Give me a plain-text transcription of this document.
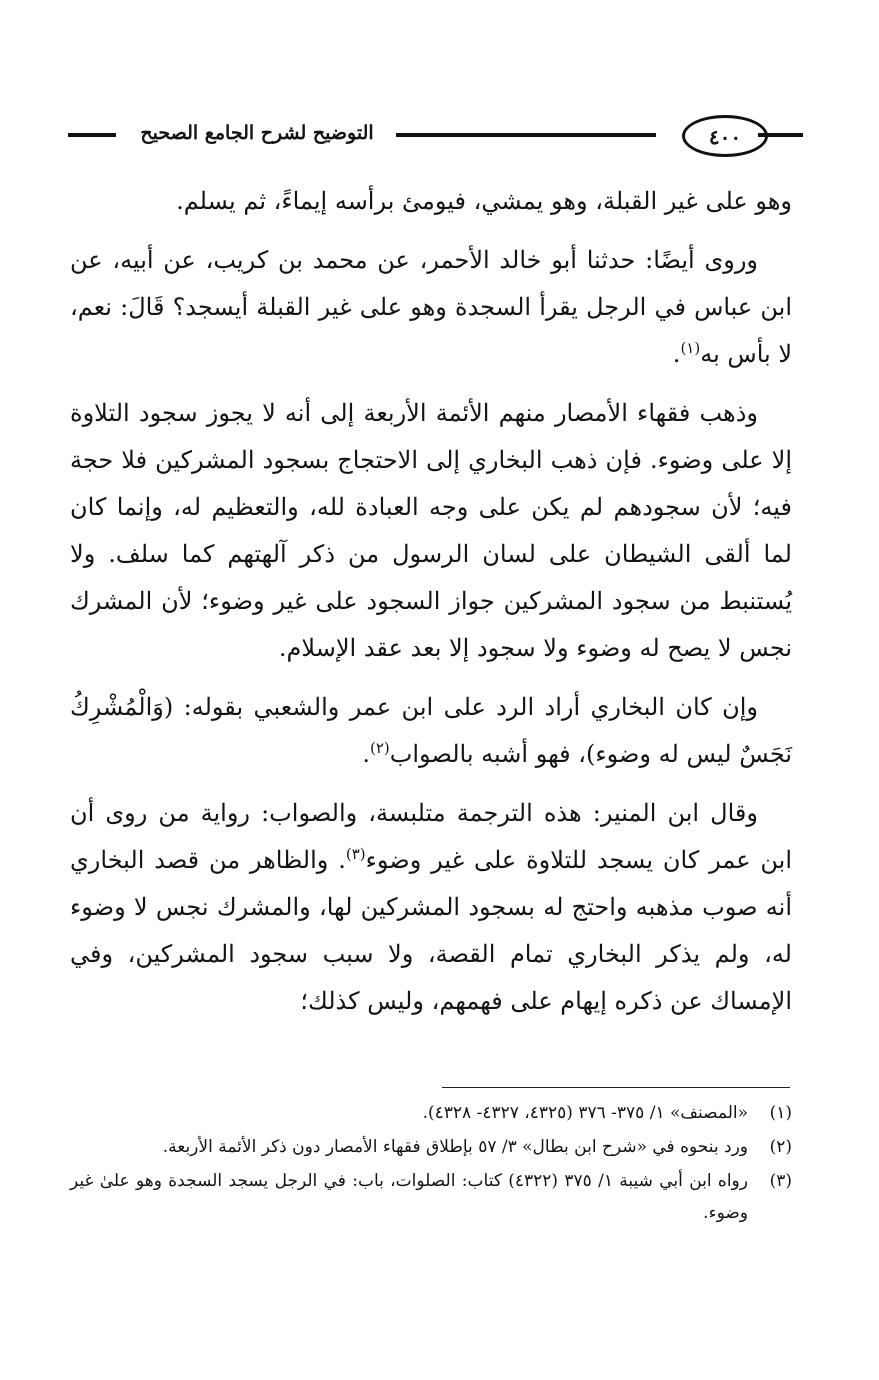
التوضيح لشرح الجامع الصحيح	٤٠٠

وهو على غير القبلة، وهو يمشي، فيومئ برأسه إيماءً، ثم يسلم.

وروى أيضًا: حدثنا أبو خالد الأحمر، عن محمد بن كريب، عن أبيه، عن ابن عباس في الرجل يقرأ السجدة وهو على غير القبلة أيسجد؟ قَالَ: نعم، لا بأس به$^{(١)}$.

وذهب فقهاء الأمصار منهم الأئمة الأربعة إلى أنه لا يجوز سجود التلاوة إلا على وضوء. فإن ذهب البخاري إلى الاحتجاج بسجود المشركين فلا حجة فيه؛ لأن سجودهم لم يكن على وجه العبادة لله، والتعظيم له، وإنما كان لما ألقى الشيطان على لسان الرسول من ذكر آلهتهم كما سلف. ولا يُستنبط من سجود المشركين جواز السجود على غير وضوء؛ لأن المشرك نجس لا يصح له وضوء ولا سجود إلا بعد عقد الإسلام.

وإن كان البخاري أراد الرد على ابن عمر والشعبي بقوله: (وَالْمُشْرِكُ نَجَسٌ ليس له وضوء)، فهو أشبه بالصواب$^{(٢)}$.

وقال ابن المنير: هذه الترجمة متلبسة، والصواب: رواية من روى أن ابن عمر كان يسجد للتلاوة على غير وضوء$^{(٣)}$. والظاهر من قصد البخاري أنه صوب مذهبه واحتج له بسجود المشركين لها، والمشرك نجس لا وضوء له، ولم يذكر البخاري تمام القصة، ولا سبب سجود المشركين، وفي الإمساك عن ذكره إيهام على فهمهم، وليس كذلك؛

(١)
«المصنف» ١/ ٣٧٥- ٣٧٦ (٤٣٢٥، ٤٣٢٧- ٤٣٢٨).
(٢)
ورد بنحوه في «شرح ابن بطال» ٣/ ٥٧ بإطلاق فقهاء الأمصار دون ذكر الأئمة الأربعة.
(٣)
رواه ابن أبي شيبة ١/ ٣٧٥ (٤٣٢٢) كتاب: الصلوات، باب: في الرجل يسجد السجدة وهو علىٰ غير وضوء.
